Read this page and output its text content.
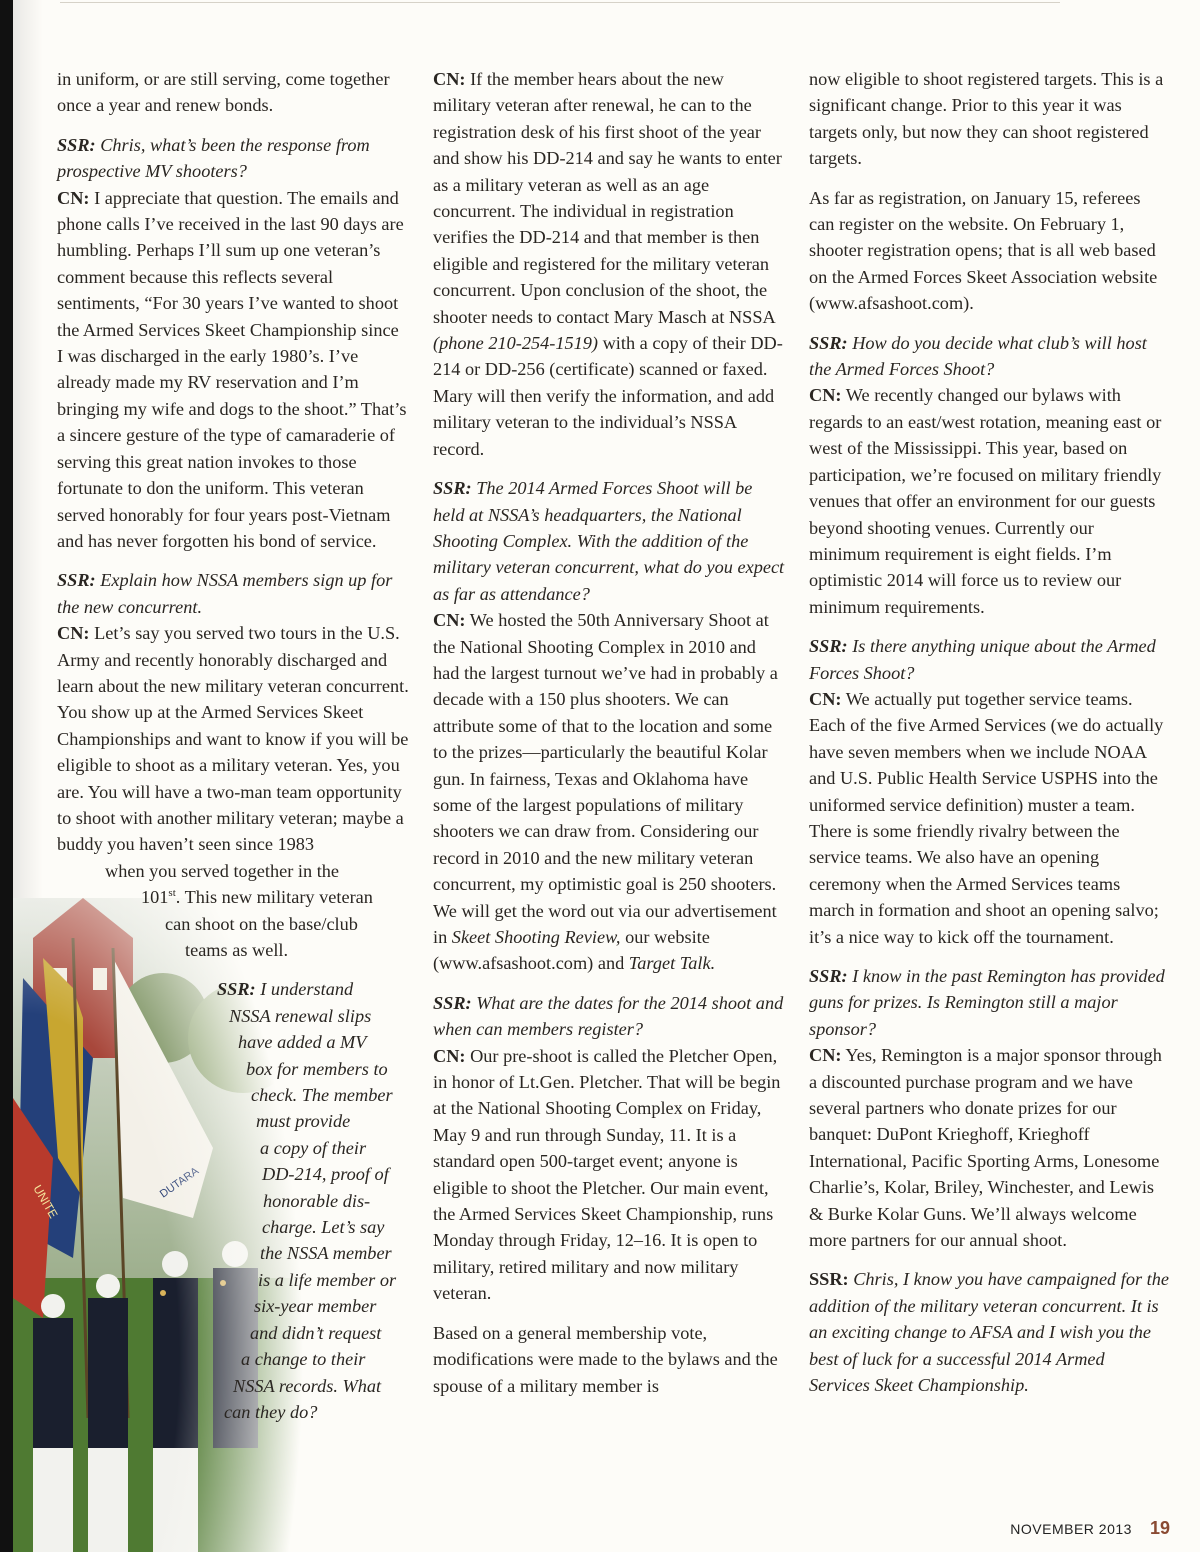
in uniform, or are still serving, come together once a year and renew bonds.

SSR: Chris, what’s been the response from prospective MV shooters?

CN: I appreciate that question. The emails and phone calls I’ve received in the last 90 days are humbling. Perhaps I’ll sum up one veteran’s comment because this reflects several sentiments, “For 30 years I’ve wanted to shoot the Armed Services Skeet Championship since I was discharged in the early 1980’s. I’ve already made my RV reservation and I’m bringing my wife and dogs to the shoot.” That’s a sincere gesture of the type of camaraderie of serving this great nation invokes to those fortunate to don the uniform. This veteran served honorably for four years post-Vietnam and has never forgotten his bond of service.

SSR: Explain how NSSA members sign up for the new concurrent.

CN: Let’s say you served two tours in the U.S. Army and recently honorably discharged and learn about the new military veteran concurrent. You show up at the Armed Services Skeet Championships and want to know if you will be eligible to shoot as a military veteran. Yes, you are. You will have a two-man team opportunity to shoot with another military veteran; maybe a buddy you haven’t seen since 1983

when you served together in the
101st. This new military veteran
can shoot on the base/club
teams as well.
SSR: I understand
NSSA renewal slips
have added a MV
box for members to
check. The member
must provide
a copy of their
DD-214, proof of
honorable dis-
charge. Let’s say
the NSSA member
is a life member or
six-year member
and didn’t request
a change to their
NSSA records. What
can they do?

CN: If the member hears about the new military veteran after renewal, he can to the registration desk of his first shoot of the year and show his DD-214 and say he wants to enter as a military veteran as well as an age concurrent. The individual in registration verifies the DD-214 and that member is then eligible and registered for the military veteran concurrent. Upon conclusion of the shoot, the shooter needs to contact Mary Masch at NSSA (phone 210-254-1519) with a copy of their DD-214 or DD-256 (certificate) scanned or faxed. Mary will then verify the information, and add military veteran to the individual’s NSSA record.

SSR: The 2014 Armed Forces Shoot will be held at NSSA’s headquarters, the National Shooting Complex. With the addition of the military veteran concurrent, what do you expect as far as attendance?

CN: We hosted the 50th Anniversary Shoot at the National Shooting Complex in 2010 and had the largest turnout we’ve had in probably a decade with a 150 plus shooters. We can attribute some of that to the location and some to the prizes—particularly the beautiful Kolar gun. In fairness, Texas and Oklahoma have some of the largest populations of military shooters we can draw from. Considering our record in 2010 and the new military veteran concurrent, my optimistic goal is 250 shooters. We will get the word out via our advertisement in Skeet Shooting Review, our website (www.afsashoot.com) and Target Talk.

SSR: What are the dates for the 2014 shoot and when can members register?

CN: Our pre-shoot is called the Pletcher Open, in honor of Lt.Gen. Pletcher. That will be begin at the National Shooting Complex on Friday, May 9 and run through Sunday, 11. It is a standard open 500-target event; anyone is eligible to shoot the Pletcher. Our main event, the Armed Services Skeet Championship, runs Monday through Friday, 12–16. It is open to military, retired military and now military veteran.

Based on a general membership vote, modifications were made to the bylaws and the spouse of a military member is

now eligible to shoot registered targets. This is a significant change. Prior to this year it was targets only, but now they can shoot registered targets.

As far as registration, on January 15, referees can register on the website. On February 1, shooter registration opens; that is all web based on the Armed Forces Skeet Association website (www.afsashoot.com).

SSR: How do you decide what club’s will host the Armed Forces Shoot?

CN: We recently changed our bylaws with regards to an east/west rotation, meaning east or west of the Mississippi. This year, based on participation, we’re focused on military friendly venues that offer an environment for our guests beyond shooting venues. Currently our minimum requirement is eight fields. I’m optimistic 2014 will force us to review our minimum requirements.

SSR: Is there anything unique about the Armed Forces Shoot?

CN: We actually put together service teams. Each of the five Armed Services (we do actually have seven members when we include NOAA and U.S. Public Health Service USPHS into the uniformed service definition) muster a team. There is some friendly rivalry between the service teams. We also have an opening ceremony when the Armed Services teams march in formation and shoot an opening salvo; it’s a nice way to kick off the tournament.

SSR: I know in the past Remington has provided guns for prizes. Is Remington still a major sponsor?

CN: Yes, Remington is a major sponsor through a discounted purchase program and we have several partners who donate prizes for our banquet: DuPont Krieghoff, Krieghoff International, Pacific Sporting Arms, Lonesome Charlie’s, Kolar, Briley, Winchester, and Lewis & Burke Kolar Guns. We’ll always welcome more partners for our annual shoot.

SSR: Chris, I know you have campaigned for the addition of the military veteran concurrent. It is an exciting change to AFSA and I wish you the best of luck for a successful 2014 Armed Services Skeet Championship.

NOVEMBER 2013 19
